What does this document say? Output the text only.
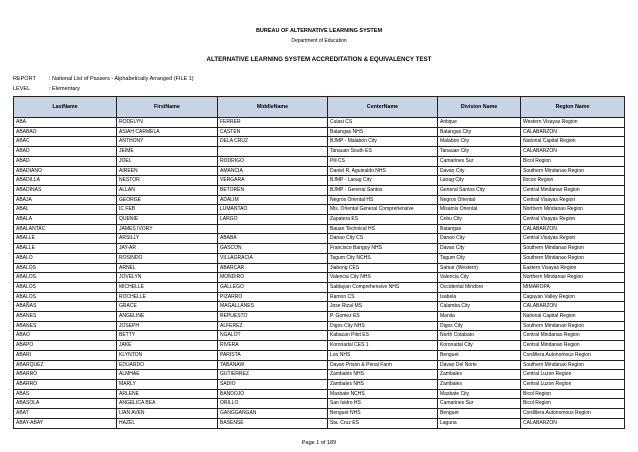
BUREAU OF ALTERNATIVE LEARNING SYSTEM
Department of Education
ALTERNATIVE LEARNING SYSTEM ACCREDITATION & EQUIVALENCY TEST
REPORT : National List of Passers - Alphabetically Arranged (FILE 1)
LEVEL	: Elementary
LastName	FirstName	MiddleName	CenterName	Division Name	Region Name
ABA	RODELYN	FERRER	Culasi CS	Antique	Western Visayas Region
ABABAO	ASIAH CARMELA	CASTEN	Batangas NHS	Batangas City	CALABARZON
ABAC	ANTHONY	DELA CRUZ	BJMP - Malabon City	Malabon City	National Capital Region
ABAD	JEIME		Tanauan South ES	Tanauan City	CALABARZON
ABAD	JOEL	RODRIGO	Pili CS	Camarines Sur	Bicol Region
ABADIANO	AIREEN	AMANCIA	Daniel R. Aguinaldo NHS	Davao City	Southern Mindanao Region
ABADILLA	NESTOR	VERGARA	BJMP - Laoag City	Laoag City	Ilocos Region
ABADINAS	ALLAN	BETOREN	BJMP - General Santos	General Santos City	Central Mindanao Region
ABAJA	GEORGE	ADALIM	Negros Oriental HS	Negros Oriental	Central Visayas Region
ABAL	IC FEB	LUMANTAO	Mis. Oriental General Comprehensive	Misamis Oriental	Northern Mindanao Region
ABALA	QUENIE	LARGO	Zapatera ES	Cebu City	Central Visayas Region
ABALANTAC	JAMES IVORY		Bauan Technical HS	Batangas	CALABARZON
ABALLE	ARSILLY	ABABA	Danao City CS	Danao City	Central Visayas Region
ABALLE	JAY-AR	GASCON	Francisco Bangoy NHS	Davao City	Southern Mindanao Region
ABALO	ROSINDO	VILLAGRACIA	Tagum City NCHS	Tagum City	Southern Mindanao Region
ABALOS	ARNEL	ABARCAR	Jiabong CES	Samar (Western)	Eastern Visayas Region
ABALOS	JOVELYN	MONDIRO	Valencia City NHS	Valencia City	Northern Mindanao Region
ABALOS	MICHELLE	GALLEGO	Sablayan Comprehensive NHS	Occidental Mindoro	MIMAROPA
ABALOS	ROCHELLE	PIZARRO	Ramon CS	Isabela	Cagayan Valley Region
ABAÑAS	GRACE	MAGALLANES	Jose Rizal MS	Calamba City	CALABARZON
ABANES	ANGELINE	REPUESTO	P. Gomez ES	Manila	National Capital Region
ABANES	JOSEPH	ALFEREZ	Digos City NHS	Digos City	Southern Mindanao Region
ABAO	BETTY	NGALOT	Kabacan Pilot ES	North Cotabato	Central Mindanao Region
ABAPO	JAKE	RIVERA	Koronadal CES 1	Koronadal City	Central Mindanao Region
ABARI	KLYNTON	PARISTA	Loo NHS	Benguet	Cordillera Autonomous Region
ABARQUEZ	EDUARDO	TABANAW	Davao Prison & Penal Farm	Davao Del Norte	Southern Mindanao Region
ABARRO	ALMHAE	GUTIERREZ	Zambales NHS	Zambales	Central Luzon Region
ABARRO	MARLY	SADIO	Zambales NHS	Zambales	Central Luzon Region
ABAS	ARLENE	BANDOJO	Masbate NCHS	Masbate City	Bicol Region
ABASOLA	ANGELICA BEA	ORILLO	San Isidro HS	Camarines Sur	Bicol Region
ABAT	LIAN AVEN	GANGGANGAN	Benguet NHS	Benguet	Cordillera Autonomous Region
ABAY-ABAY	HAZEL	BASENSE	Sta. Cruz ES	Laguna	CALABARZON
Page 1 of 189
